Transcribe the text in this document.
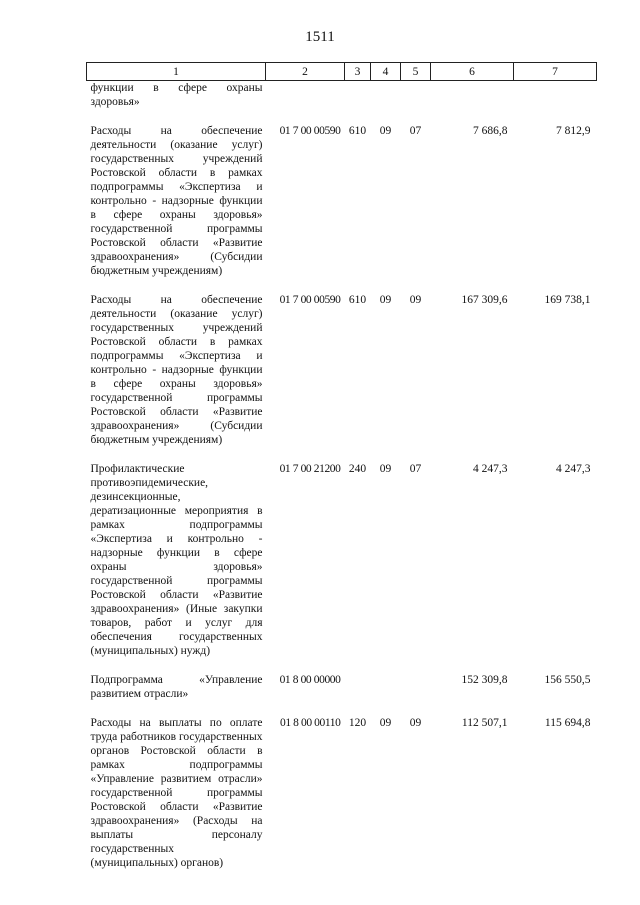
1511
1	2	3	4	5	6	7
функции в сфере охраны здоровья»						
Расходы на обеспечение деятельности (оказание услуг) государственных учреждений Ростовской области в рамках подпрограммы «Экспертиза и контрольно - надзорные функции в сфере охраны здоровья» государственной программы Ростовской области «Развитие здравоохранения» (Субсидии бюджетным учреждениям)	01 7 00 00590	610	09	07	7 686,8	7 812,9
Расходы на обеспечение деятельности (оказание услуг) государственных учреждений Ростовской области в рамках подпрограммы «Экспертиза и контрольно - надзорные функции в сфере охраны здоровья» государственной программы Ростовской области «Развитие здравоохранения» (Субсидии бюджетным учреждениям)	01 7 00 00590	610	09	09	167 309,6	169 738,1
Профилактические противоэпидемические, дезинсекционные, дератизационные мероприятия в рамках подпрограммы «Экспертиза и контрольно - надзорные функции в сфере охраны здоровья» государственной программы Ростовской области «Развитие здравоохранения» (Иные закупки товаров, работ и услуг для обеспечения государственных (муниципальных) нужд)	01 7 00 21200	240	09	07	4 247,3	4 247,3
Подпрограмма «Управление развитием отрасли»	01 8 00 00000				152 309,8	156 550,5
Расходы на выплаты по оплате труда работников государственных органов Ростовской области в рамках подпрограммы «Управление развитием отрасли» государственной программы Ростовской области «Развитие здравоохранения» (Расходы на выплаты персоналу государственных (муниципальных) органов)	01 8 00 00110	120	09	09	112 507,1	115 694,8
